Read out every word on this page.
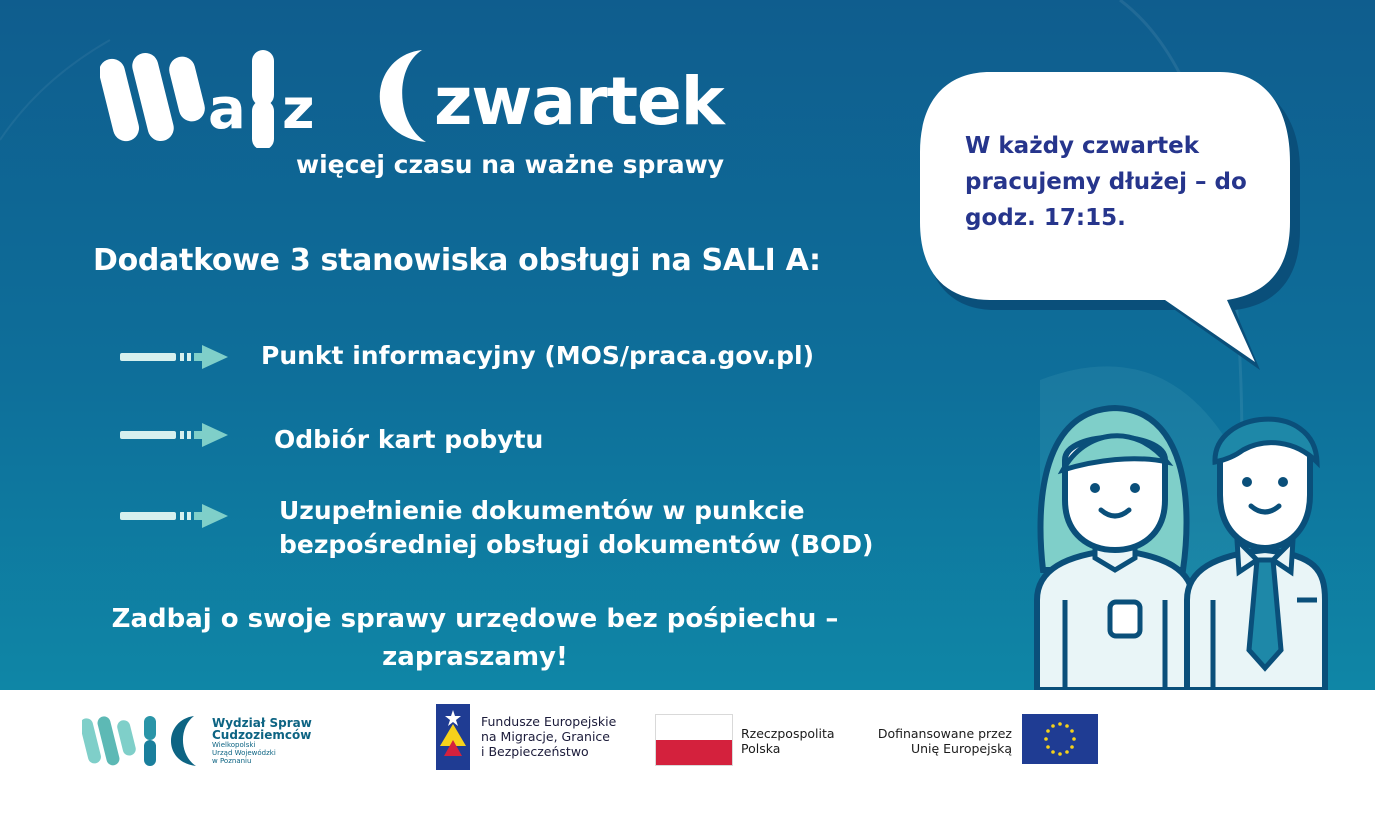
a z zwartek
więcej czasu na ważne sprawy
Dodatkowe 3 stanowiska obsługi na SALI A:
Punkt informacyjny (MOS/praca.gov.pl)
Odbiór kart pobytu
Uzupełnienie dokumentów w punkcie
bezpośredniej obsługi dokumentów (BOD)
Zadbaj o swoje sprawy urzędowe bez pośpiechu –
zapraszamy!
W każdy czwartek
pracujemy dłużej – do
godz. 17:15.
Wydział Spraw
Cudzoziemców
Wielkopolski
Urząd Wojewódzki
w Poznaniu
Fundusze Europejskie
na Migracje, Granice
i Bezpieczeństwo
Rzeczpospolita
Polska
Dofinansowane przez
Unię Europejską
